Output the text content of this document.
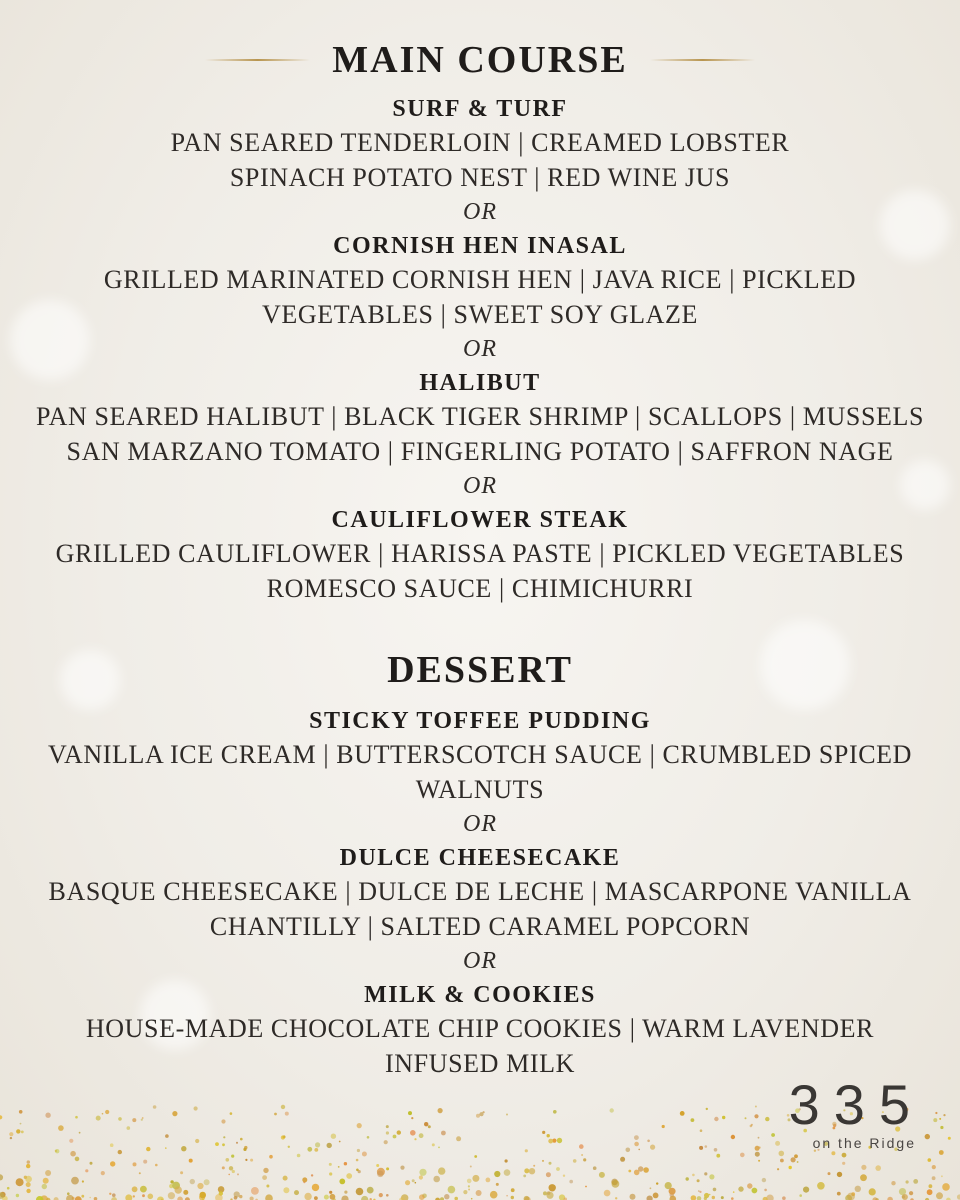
MAIN COURSE
SURF & TURF
PAN SEARED TENDERLOIN | CREAMED LOBSTER
SPINACH POTATO NEST | RED WINE JUS
OR
CORNISH HEN INASAL
GRILLED MARINATED CORNISH HEN | JAVA RICE | PICKLED
VEGETABLES | SWEET SOY GLAZE
OR
HALIBUT
PAN SEARED HALIBUT | BLACK TIGER SHRIMP | SCALLOPS | MUSSELS
SAN MARZANO TOMATO | FINGERLING POTATO | SAFFRON NAGE
OR
CAULIFLOWER STEAK
GRILLED CAULIFLOWER | HARISSA PASTE | PICKLED VEGETABLES
ROMESCO SAUCE | CHIMICHURRI
DESSERT
STICKY TOFFEE PUDDING
VANILLA ICE CREAM | BUTTERSCOTCH SAUCE | CRUMBLED SPICED
WALNUTS
OR
DULCE CHEESECAKE
BASQUE CHEESECAKE | DULCE DE LECHE | MASCARPONE VANILLA
CHANTILLY | SALTED CARAMEL POPCORN
OR
MILK & COOKIES
HOUSE-MADE CHOCOLATE CHIP COOKIES | WARM LAVENDER
INFUSED MILK
335
on the Ridge
